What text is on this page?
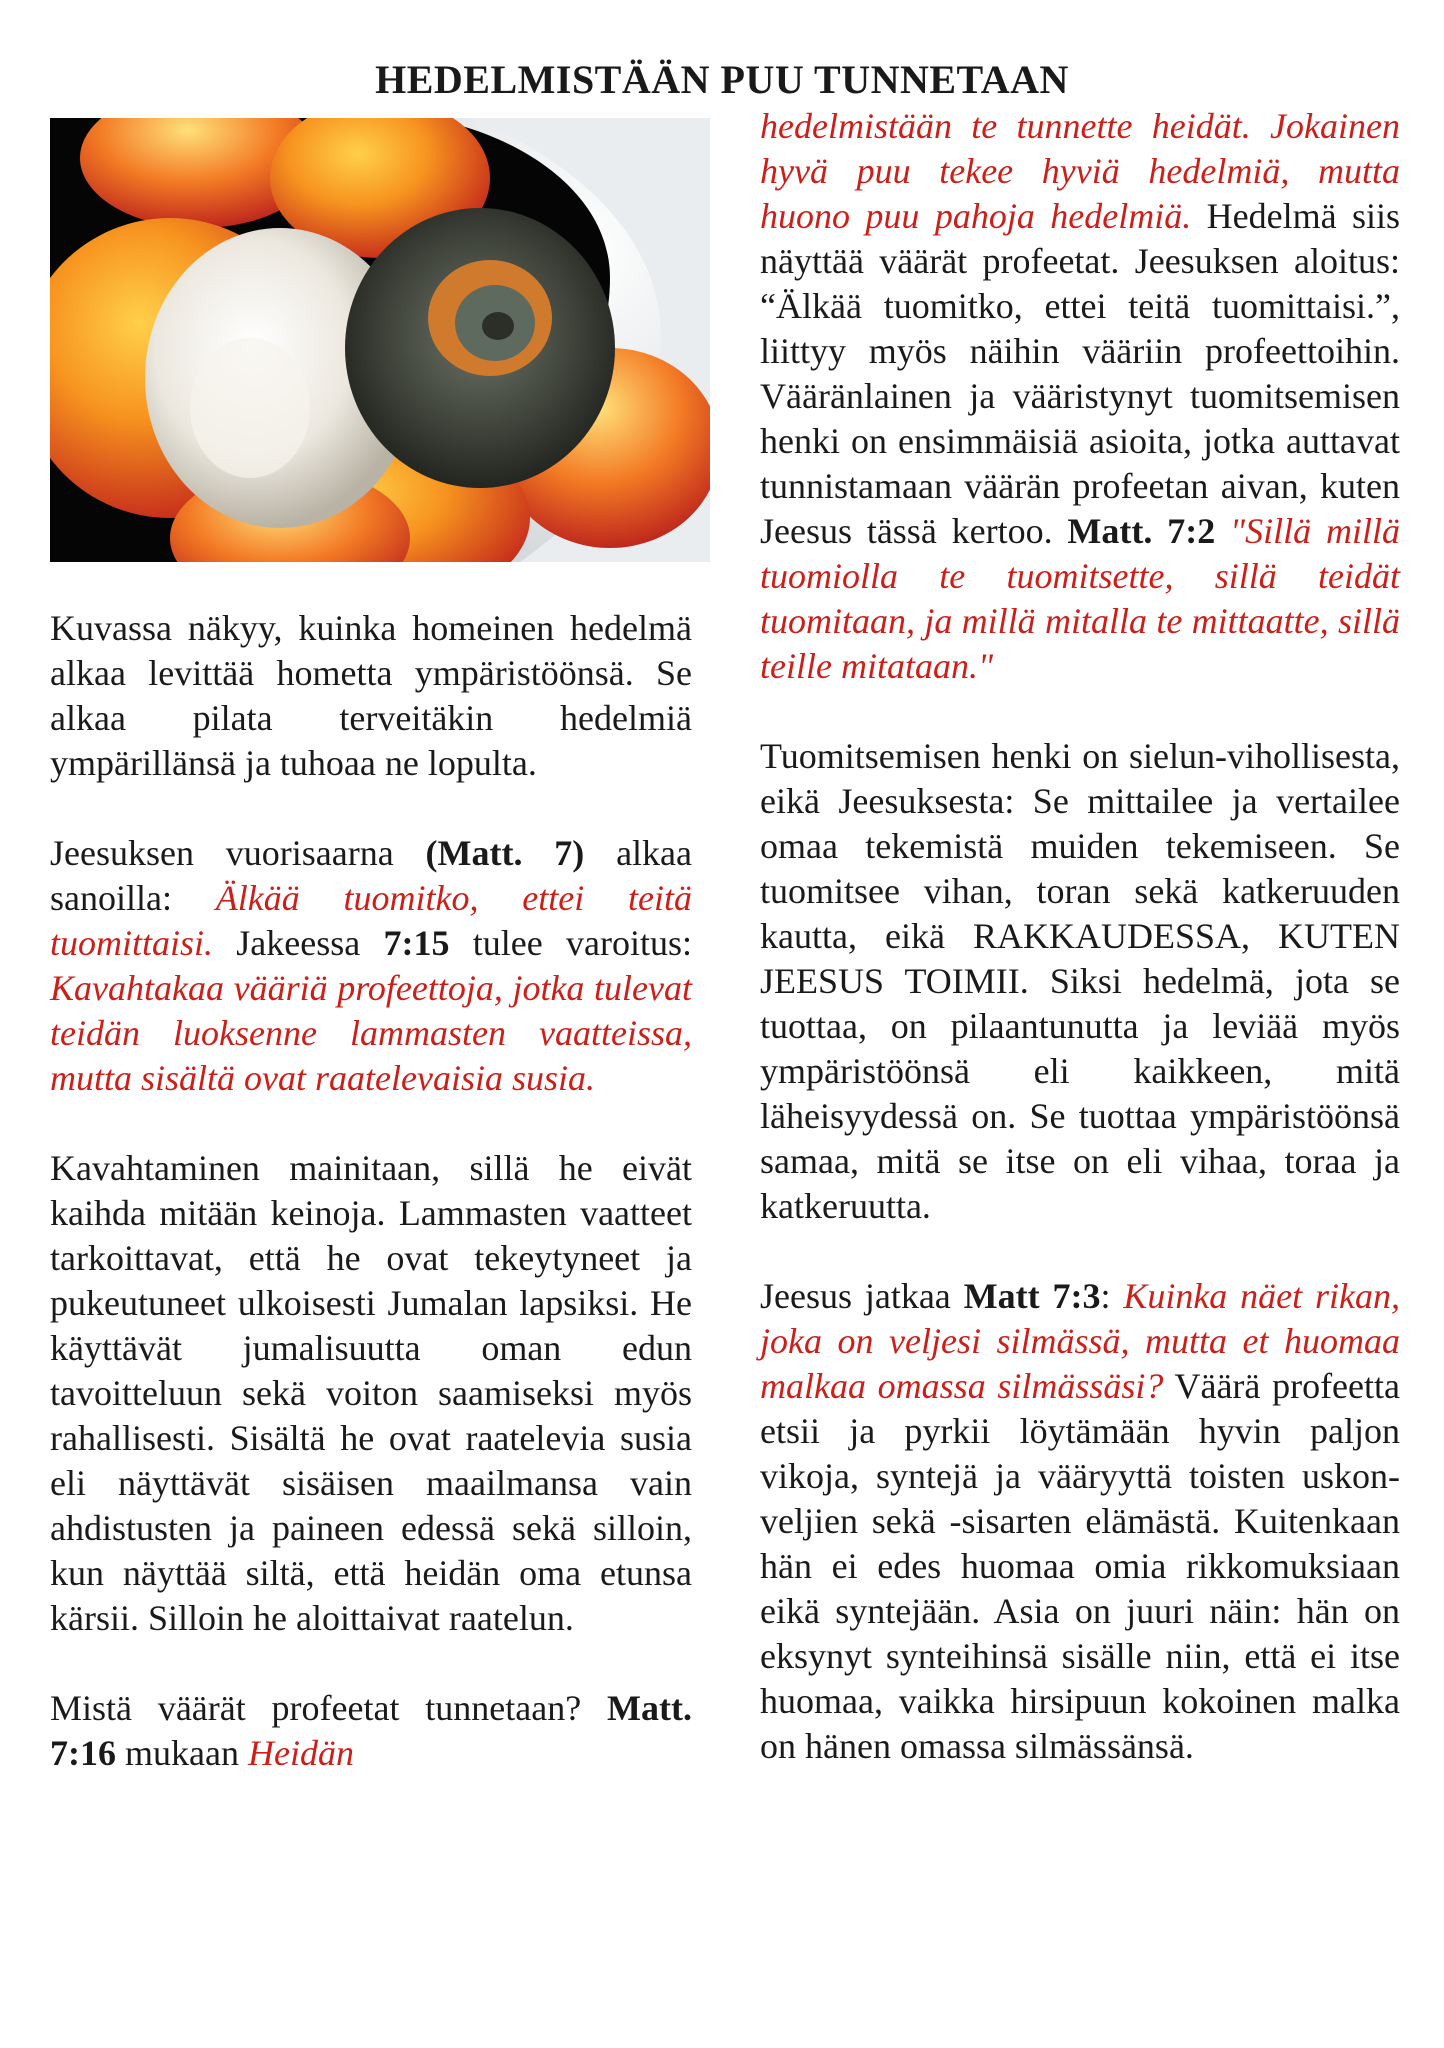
HEDELMISTÄÄN PUU TUNNETAAN

Kuvassa näkyy, kuinka homeinen hedelmä alkaa levittää hometta ympäristöönsä. Se alkaa pilata terveitäkin hedelmiä ympärillänsä ja tuhoaa ne lopulta.

Jeesuksen vuorisaarna (Matt. 7) alkaa sanoilla: Älkää tuomitko, ettei teitä tuomittaisi. Jakeessa 7:15 tulee varoitus: Kavahtakaa vääriä profeettoja, jotka tulevat teidän luoksenne lammasten vaatteissa, mutta sisältä ovat raatelevaisia susia.

Kavahtaminen mainitaan, sillä he eivät kaihda mitään keinoja. Lammasten vaatteet tarkoittavat, että he ovat tekeytyneet ja pukeutuneet ulkoisesti Jumalan lapsiksi. He käyttävät jumalisuutta oman edun tavoitteluun sekä voiton saamiseksi myös rahallisesti. Sisältä he ovat raatelevia susia eli näyttävät sisäisen maailmansa vain ahdistusten ja paineen edessä sekä silloin, kun näyttää siltä, että heidän oma etunsa kärsii. Silloin he aloittaivat raatelun.

Mistä väärät profeetat tunnetaan? Matt. 7:16 mukaan Heidän

hedelmistään te tunnette heidät. Jokainen hyvä puu tekee hyviä hedelmiä, mutta huono puu pahoja hedelmiä. Hedelmä siis näyttää väärät profeetat. Jeesuksen aloitus: “Älkää tuomitko, ettei teitä tuomittaisi.”, liittyy myös näihin vääriin profeettoihin. Vääränlainen ja vääristynyt tuomitsemisen henki on ensimmäisiä asioita, jotka auttavat tunnistamaan väärän profeetan aivan, kuten Jeesus tässä kertoo. Matt. 7:2 "Sillä millä tuomiolla te tuomitsette, sillä teidät tuomitaan, ja millä mitalla te mittaatte, sillä teille mitataan."

Tuomitsemisen henki on sielun-vihollisesta, eikä Jeesuksesta: Se mittailee ja vertailee omaa tekemistä muiden tekemiseen. Se tuomitsee vihan, toran sekä katkeruuden kautta, eikä RAKKAUDESSA, KUTEN JEESUS TOIMII. Siksi hedelmä, jota se tuottaa, on pilaantunutta ja leviää myös ympäristöönsä eli kaikkeen, mitä läheisyydessä on. Se tuottaa ympäristöönsä samaa, mitä se itse on eli vihaa, toraa ja katkeruutta.

Jeesus jatkaa Matt 7:3: Kuinka näet rikan, joka on veljesi silmässä, mutta et huomaa malkaa omassa silmässäsi? Väärä profeetta etsii ja pyrkii löytämään hyvin paljon vikoja, syntejä ja vääryyttä toisten uskon-veljien sekä -sisarten elämästä. Kuitenkaan hän ei edes huomaa omia rikkomuksiaan eikä syntejään. Asia on juuri näin: hän on eksynyt synteihinsä sisälle niin, että ei itse huomaa, vaikka hirsipuun kokoinen malka on hänen omassa silmässänsä.
